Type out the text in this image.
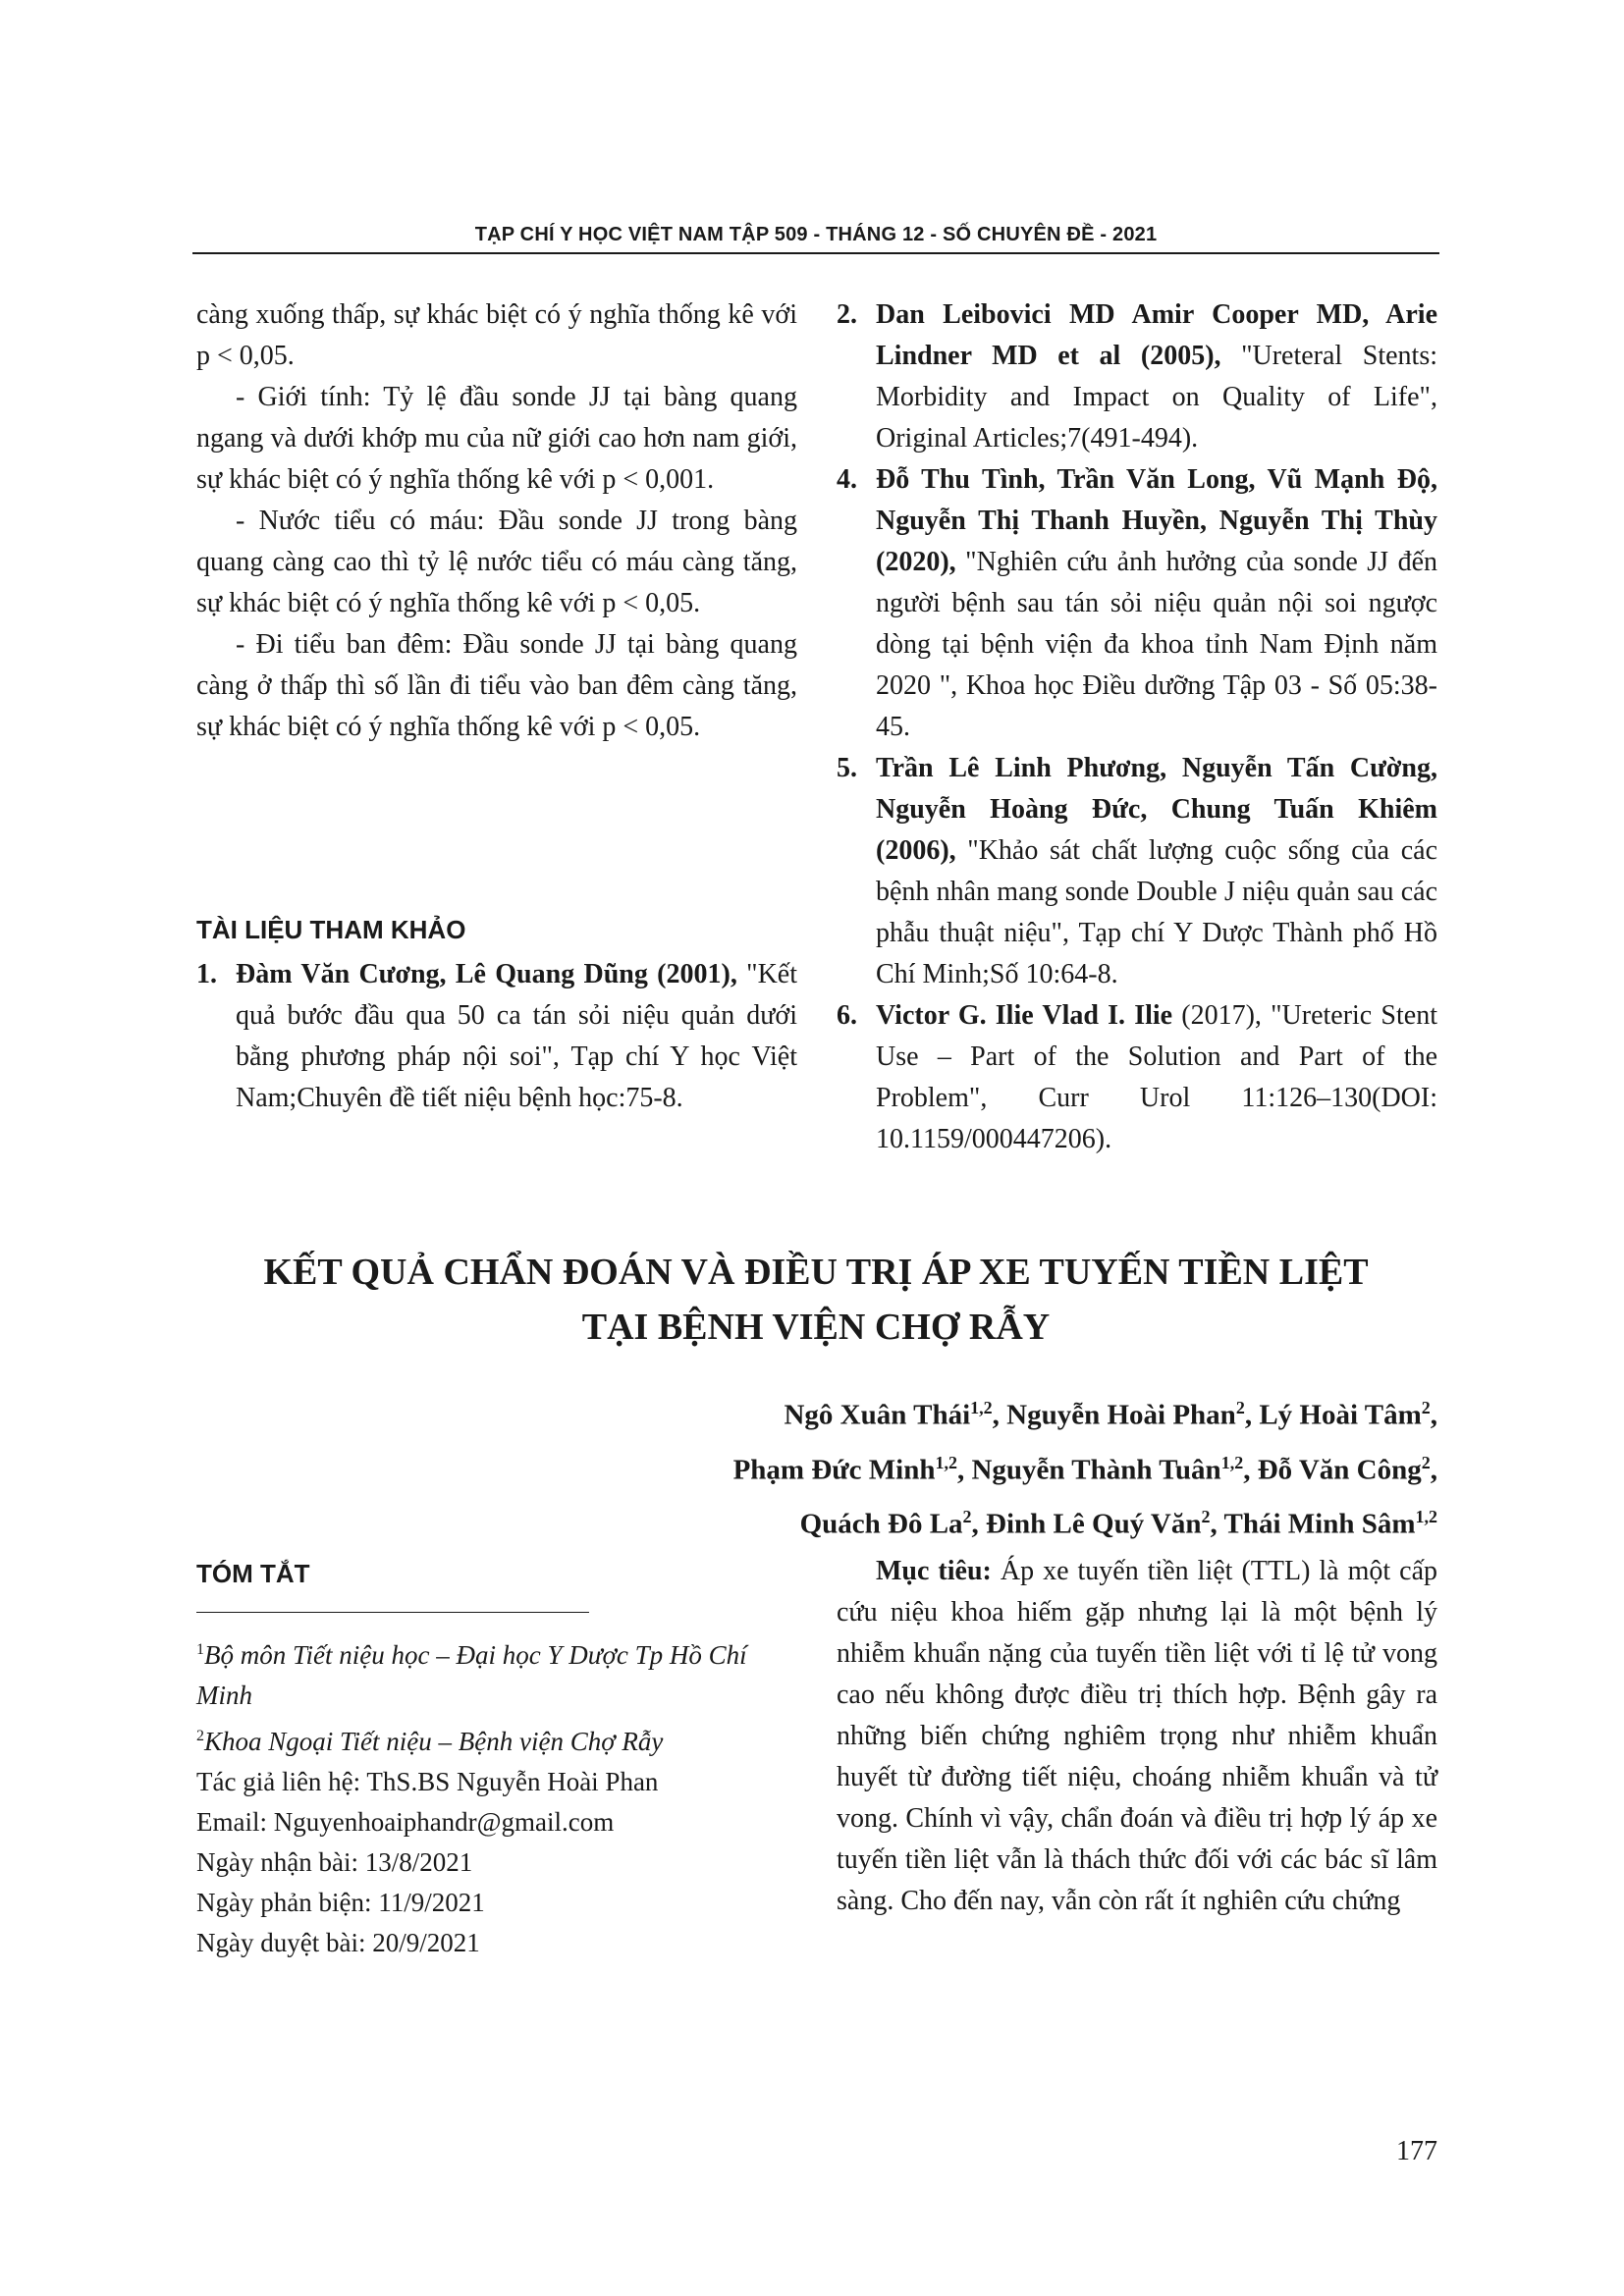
TẠP CHÍ Y HỌC VIỆT NAM TẬP 509 - THÁNG 12 - SỐ CHUYÊN ĐỀ - 2021

càng xuống thấp, sự khác biệt có ý nghĩa thống kê với p < 0,05.

- Giới tính: Tỷ lệ đầu sonde JJ tại bàng quang ngang và dưới khớp mu của nữ giới cao hơn nam giới, sự khác biệt có ý nghĩa thống kê với p < 0,001.

- Nước tiểu có máu: Đầu sonde JJ trong bàng quang càng cao thì tỷ lệ nước tiểu có máu càng tăng, sự khác biệt có ý nghĩa thống kê với p < 0,05.

- Đi tiểu ban đêm: Đầu sonde JJ tại bàng quang càng ở thấp thì số lần đi tiểu vào ban đêm càng tăng, sự khác biệt có ý nghĩa thống kê với p < 0,05.

TÀI LIỆU THAM KHẢO
1. Đàm Văn Cương, Lê Quang Dũng (2001), "Kết quả bước đầu qua 50 ca tán sỏi niệu quản dưới bằng phương pháp nội soi", Tạp chí Y học Việt Nam;Chuyên đề tiết niệu bệnh học:75-8.
2. Dan Leibovici MD Amir Cooper MD, Arie Lindner MD et al (2005), "Ureteral Stents: Morbidity and Impact on Quality of Life", Original Articles;7(491-494).
4. Đỗ Thu Tình, Trần Văn Long, Vũ Mạnh Độ, Nguyễn Thị Thanh Huyền, Nguyễn Thị Thùy (2020), "Nghiên cứu ảnh hưởng của sonde JJ đến người bệnh sau tán sỏi niệu quản nội soi ngược dòng tại bệnh viện đa khoa tỉnh Nam Định năm 2020 ", Khoa học Điều dưỡng Tập 03 - Số 05:38-45.
5. Trần Lê Linh Phương, Nguyễn Tấn Cường, Nguyễn Hoàng Đức, Chung Tuấn Khiêm (2006), "Khảo sát chất lượng cuộc sống của các bệnh nhân mang sonde Double J niệu quản sau các phẫu thuật niệu", Tạp chí Y Dược Thành phố Hồ Chí Minh;Số 10:64-8.
6. Victor G. Ilie Vlad I. Ilie (2017), "Ureteric Stent Use – Part of the Solution and Part of the Problem", Curr Urol 11:126–130(DOI: 10.1159/000447206).
KẾT QUẢ CHẨN ĐOÁN VÀ ĐIỀU TRỊ ÁP XE TUYẾN TIỀN LIỆT
TẠI BỆNH VIỆN CHỢ RẪY
Ngô Xuân Thái$^{1,2}$, Nguyễn Hoài Phan$^2$, Lý Hoài Tâm$^2$,
Phạm Đức Minh$^{1,2}$, Nguyễn Thành Tuân$^{1,2}$, Đỗ Văn Công$^2$,
Quách Đô La$^2$, Đinh Lê Quý Văn$^2$, Thái Minh Sâm$^{1,2}$
TÓM TẮT
$^1$Bộ môn Tiết niệu học – Đại học Y Dược Tp Hồ Chí Minh
$^2$Khoa Ngoại Tiết niệu – Bệnh viện Chợ Rẫy
Tác giả liên hệ: ThS.BS Nguyễn Hoài Phan
Email: Nguyenhoaiphandr@gmail.com
Ngày nhận bài: 13/8/2021
Ngày phản biện: 11/9/2021
Ngày duyệt bài: 20/9/2021

Mục tiêu: Áp xe tuyến tiền liệt (TTL) là một cấp cứu niệu khoa hiếm gặp nhưng lại là một bệnh lý nhiễm khuẩn nặng của tuyến tiền liệt với tỉ lệ tử vong cao nếu không được điều trị thích hợp. Bệnh gây ra những biến chứng nghiêm trọng như nhiễm khuẩn huyết từ đường tiết niệu, choáng nhiễm khuẩn và tử vong. Chính vì vậy, chẩn đoán và điều trị hợp lý áp xe tuyến tiền liệt vẫn là thách thức đối với các bác sĩ lâm sàng. Cho đến nay, vẫn còn rất ít nghiên cứu chứng

177
